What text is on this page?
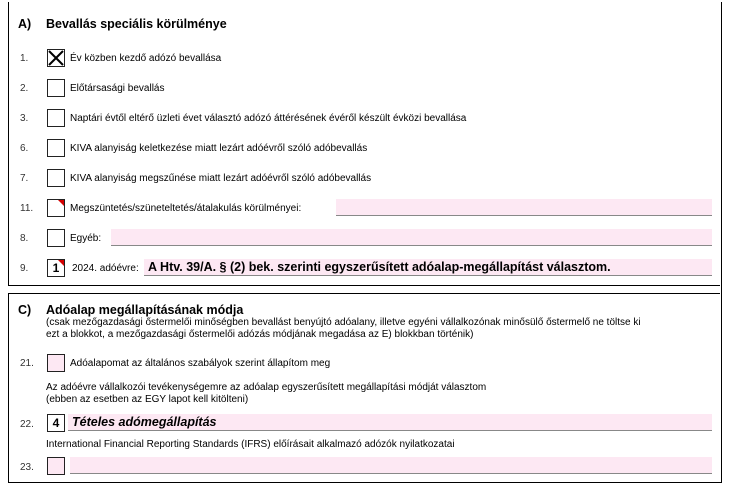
A) Bevallás speciális körülménye
1.	Év közben kezdő adózó bevallása
2.	Előtársasági bevallás
3.	Naptári évtől eltérő üzleti évet választó adózó áttérésének évéről készült évközi bevallása
6.	KIVA alanyiság keletkezése miatt lezárt adóévről szóló adóbevallás
7.	KIVA alanyiság megszűnése miatt lezárt adóévről szóló adóbevallás
11.	Megszüntetés/szüneteltetés/átalakulás körülményei:
8.	Egyéb:
9.	1	2024. adóévre: A Htv. 39/A. § (2) bek. szerinti egyszerűsített adóalap-megállapítást választom.
C) Adóalap megállapításának módja
(csak mezőgazdasági őstermelői minőségben bevallást benyújtó adóalany, illetve egyéni vállalkozónak minősülő őstermelő ne töltse ki
ezt a blokkot, a mezőgazdasági őstermelői adózás módjának megadása az E) blokkban történik)
21.	Adóalapomat az általános szabályok szerint állapítom meg
Az adóévre vállalkozói tevékenységemre az adóalap egyszerűsített megállapítási módját választom
(ebben az esetben az EGY lapot kell kitölteni)
22.	4	Tételes adómegállapítás
International Financial Reporting Standards (IFRS) előírásait alkalmazó adózók nyilatkozatai
23.
